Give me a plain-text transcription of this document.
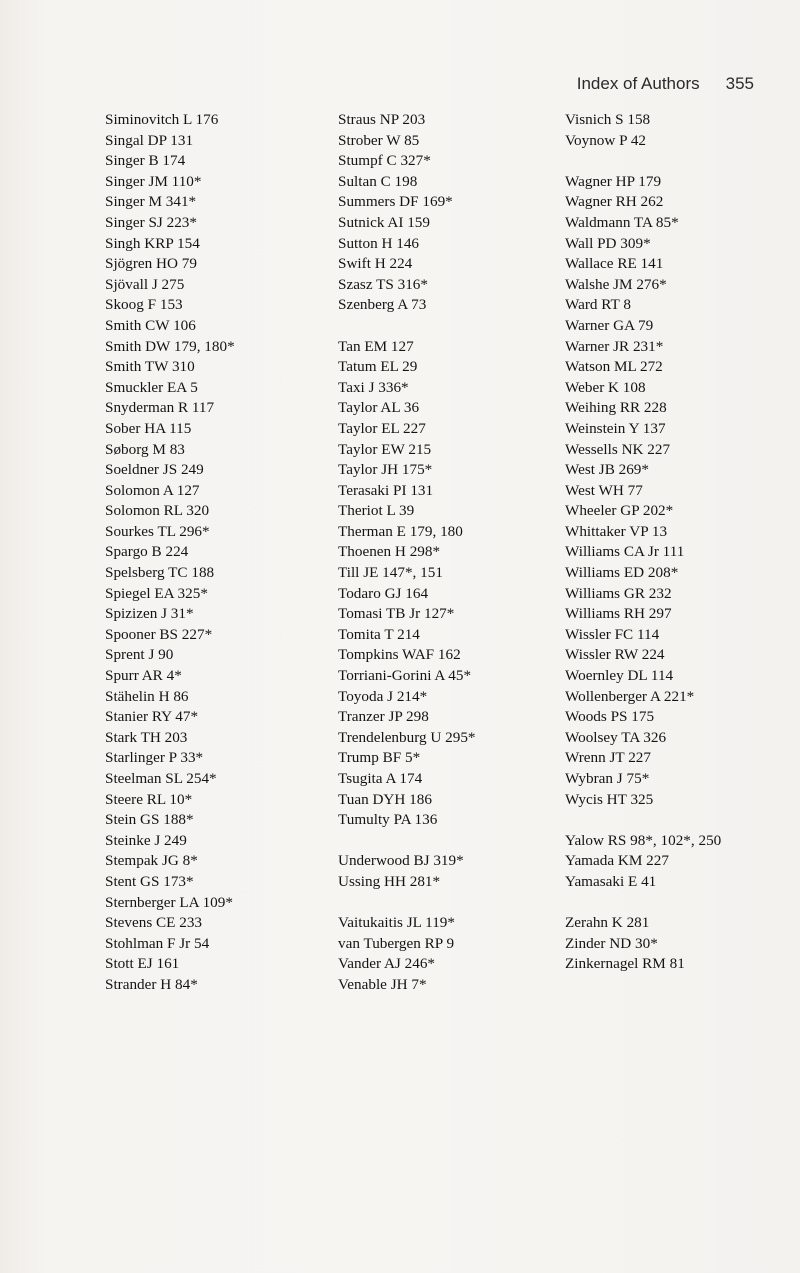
Index of Authors 355
Siminovitch L 176
Singal DP 131
Singer B 174
Singer JM 110*
Singer M 341*
Singer SJ 223*
Singh KRP 154
Sjögren HO 79
Sjövall J 275
Skoog F 153
Smith CW 106
Smith DW 179, 180*
Smith TW 310
Smuckler EA 5
Snyderman R 117
Sober HA 115
Søborg M 83
Soeldner JS 249
Solomon A 127
Solomon RL 320
Sourkes TL 296*
Spargo B 224
Spelsberg TC 188
Spiegel EA 325*
Spizizen J 31*
Spooner BS 227*
Sprent J 90
Spurr AR 4*
Stähelin H 86
Stanier RY 47*
Stark TH 203
Starlinger P 33*
Steelman SL 254*
Steere RL 10*
Stein GS 188*
Steinke J 249
Stempak JG 8*
Stent GS 173*
Sternberger LA 109*
Stevens CE 233
Stohlman F Jr 54
Stott EJ 161
Strander H 84*
Straus NP 203
Strober W 85
Stumpf C 327*
Sultan C 198
Summers DF 169*
Sutnick AI 159
Sutton H 146
Swift H 224
Szasz TS 316*
Szenberg A 73
Tan EM 127
Tatum EL 29
Taxi J 336*
Taylor AL 36
Taylor EL 227
Taylor EW 215
Taylor JH 175*
Terasaki PI 131
Theriot L 39
Therman E 179, 180
Thoenen H 298*
Till JE 147*, 151
Todaro GJ 164
Tomasi TB Jr 127*
Tomita T 214
Tompkins WAF 162
Torriani-Gorini A 45*
Toyoda J 214*
Tranzer JP 298
Trendelenburg U 295*
Trump BF 5*
Tsugita A 174
Tuan DYH 186
Tumulty PA 136
Underwood BJ 319*
Ussing HH 281*
Vaitukaitis JL 119*
van Tubergen RP 9
Vander AJ 246*
Venable JH 7*
Visnich S 158
Voynow P 42
Wagner HP 179
Wagner RH 262
Waldmann TA 85*
Wall PD 309*
Wallace RE 141
Walshe JM 276*
Ward RT 8
Warner GA 79
Warner JR 231*
Watson ML 272
Weber K 108
Weihing RR 228
Weinstein Y 137
Wessells NK 227
West JB 269*
West WH 77
Wheeler GP 202*
Whittaker VP 13
Williams CA Jr 111
Williams ED 208*
Williams GR 232
Williams RH 297
Wissler FC 114
Wissler RW 224
Woernley DL 114
Wollenberger A 221*
Woods PS 175
Woolsey TA 326
Wrenn JT 227
Wybran J 75*
Wycis HT 325
Yalow RS 98*, 102*, 250
Yamada KM 227
Yamasaki E 41
Zerahn K 281
Zinder ND 30*
Zinkernagel RM 81
